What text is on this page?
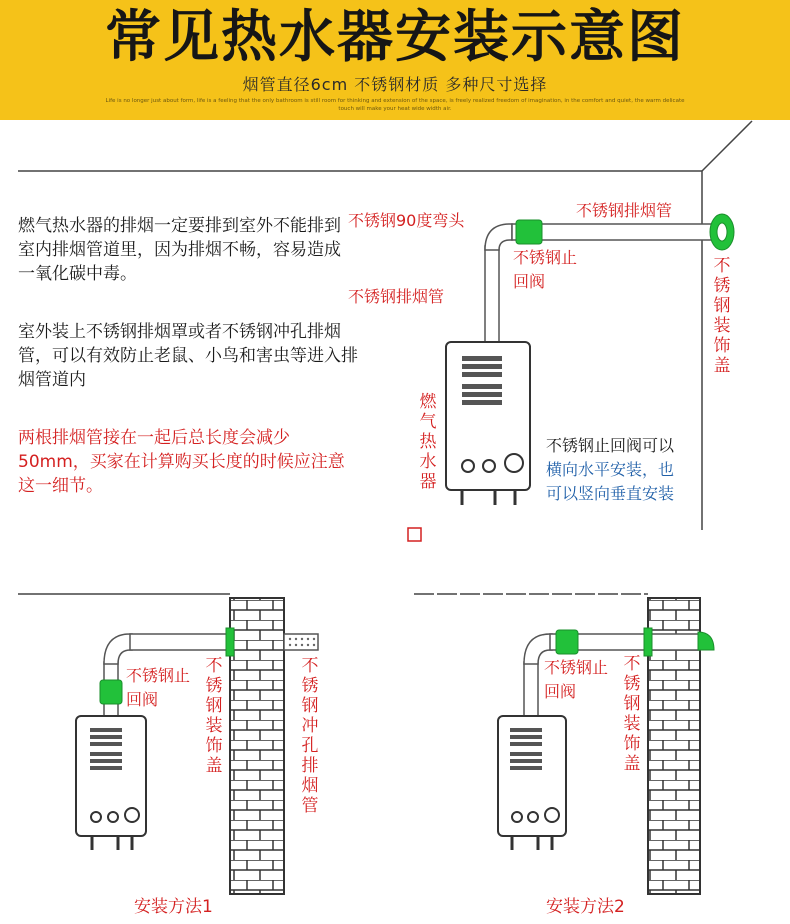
常见热水器安装示意图
烟管直径6cm 不锈钢材质 多种尺寸选择
Life is no longer just about form, life is a feeling that the only bathroom is still room for thinking and extension of the space, is freely realized freedom of imagination, in the comfort and quiet, the warm delicate touch will make your heat wide width air.
燃气热水器的排烟一定要排到室外不能排到室内排烟管道里，因为排烟不畅，容易造成一氧化碳中毒。
室外装上不锈钢排烟罩或者不锈钢冲孔排烟管，可以有效防止老鼠、小鸟和害虫等进入排烟管道内
两根排烟管接在一起后总长度会减少50mm，买家在计算购买长度的时候应注意这一细节。
不锈钢90度弯头
不锈钢排烟管
不锈钢止回阀
不锈钢排烟管
不锈钢装饰盖
燃气热水器
不锈钢止回阀可以
横向水平安装，也
可以竖向垂直安装
不锈钢止回阀
不锈钢装饰盖
不锈钢冲孔排烟管
安装方法1
不锈钢止回阀
不锈钢装饰盖
安装方法2
